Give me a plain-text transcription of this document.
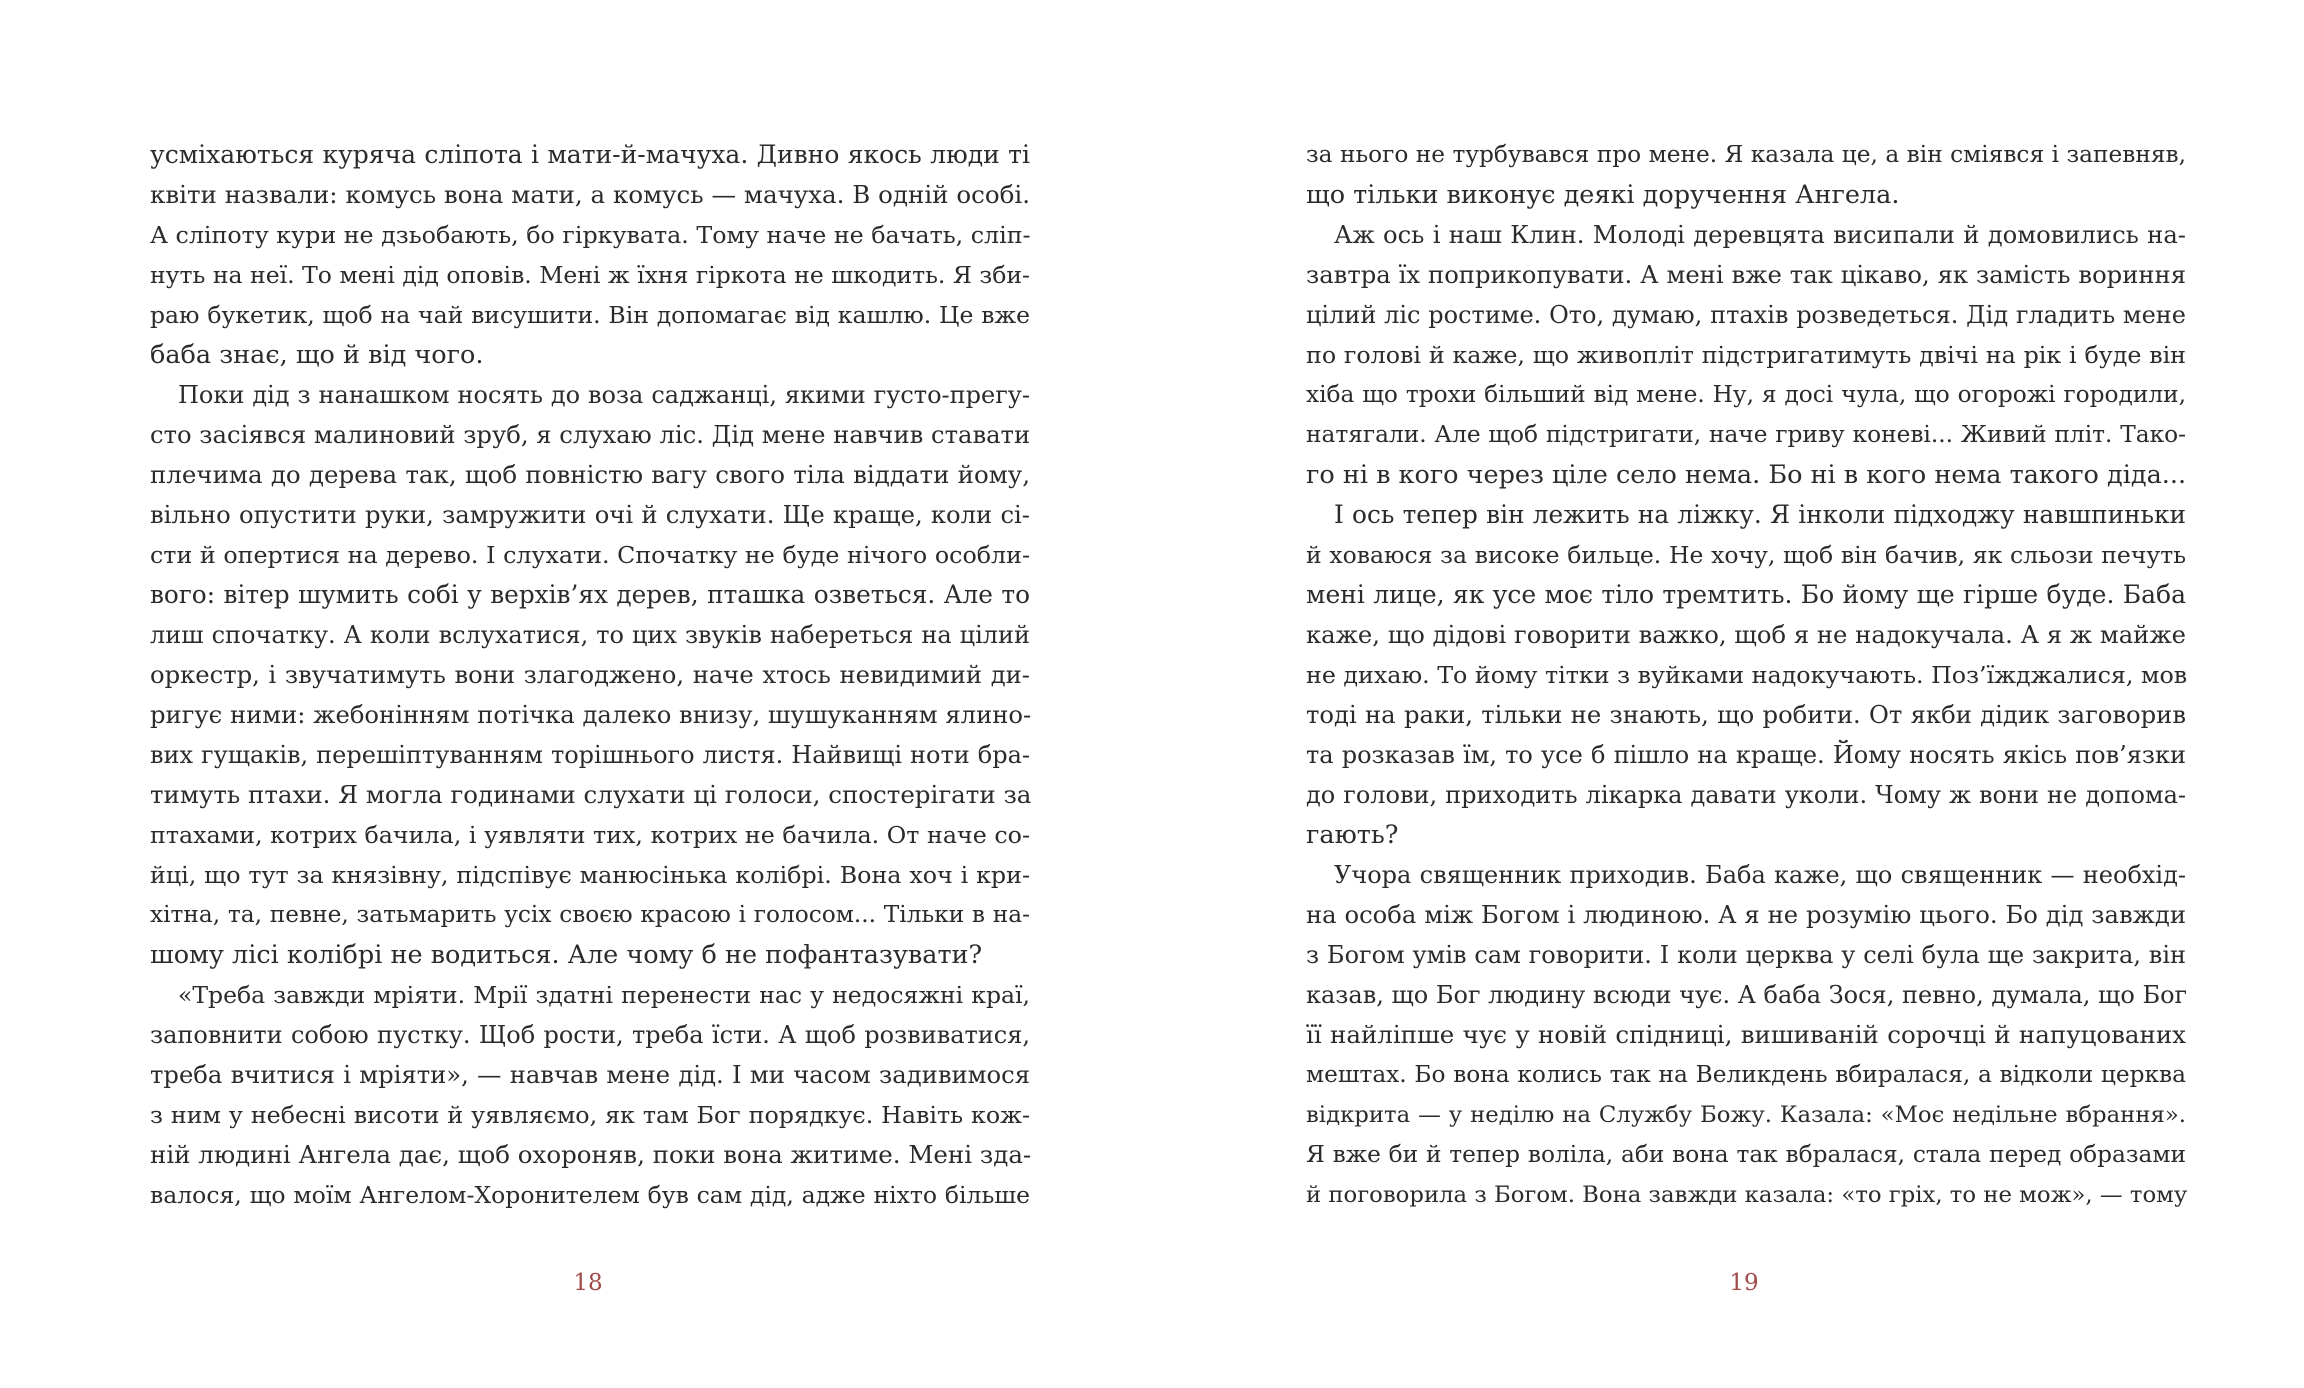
усміхаються куряча сліпота і мати-й-мачуха. Дивно якось люди ті
квіти назвали: комусь вона мати, а комусь — мачуха. В одній особі.
А сліпоту кури не дзьобають, бо гіркувата. Тому наче не бачать, сліп-
нуть на неї. То мені дід оповів. Мені ж їхня гіркота не шкодить. Я зби-
раю букетик, щоб на чай висушити. Він допомагає від кашлю. Це вже
баба знає, що й від чого.
Поки дід з нанашком носять до воза саджанці, якими густо-прегу-
сто засіявся малиновий зруб, я слухаю ліс. Дід мене навчив ставати
плечима до дерева так, щоб повністю вагу свого тіла віддати йому,
вільно опустити руки, замружити очі й слухати. Ще краще, коли сі-
сти й опертися на дерево. І слухати. Спочатку не буде нічого особли-
вого: вітер шумить собі у верхів’ях дерев, пташка озветься. Але то
лиш спочатку. А коли вслухатися, то цих звуків набереться на цілий
оркестр, і звучатимуть вони злагоджено, наче хтось невидимий ди-
ригує ними: жебонінням потічка далеко внизу, шушуканням ялино-
вих гущаків, перешіптуванням торішнього листя. Найвищі ноти бра-
тимуть птахи. Я могла годинами слухати ці голоси, спостерігати за
птахами, котрих бачила, і уявляти тих, котрих не бачила. От наче со-
йці, що тут за князівну, підспівує манюсінька колібрі. Вона хоч і кри-
хітна, та, певне, затьмарить усіх своєю красою і голосом... Тільки в на-
шому лісі колібрі не водиться. Але чому б не пофантазувати?
«Треба завжди мріяти. Мрії здатні перенести нас у недосяжні краї,
заповнити собою пустку. Щоб рости, треба їсти. А щоб розвиватися,
треба вчитися і мріяти», — навчав мене дід. І ми часом задивимося
з ним у небесні висоти й уявляємо, як там Бог порядкує. Навіть кож-
ній людині Ангела дає, щоб охороняв, поки вона житиме. Мені зда-
валося, що моїм Ангелом-Хоронителем був сам дід, адже ніхто більше
18
за нього не турбувався про мене. Я казала це, а він сміявся і запевняв,
що тільки виконує деякі доручення Ангела.
Аж ось і наш Клин. Молоді деревцята висипали й домовились на-
завтра їх поприкопувати. А мені вже так цікаво, як замість вориння
цілий ліс ростиме. Ото, думаю, птахів розведеться. Дід гладить мене
по голові й каже, що живопліт підстригатимуть двічі на рік і буде він
хіба що трохи більший від мене. Ну, я досі чула, що огорожі городили,
натягали. Але щоб підстригати, наче гриву коневі... Живий пліт. Тако-
го ні в кого через ціле село нема. Бо ні в кого нема такого діда...
І ось тепер він лежить на ліжку. Я інколи підходжу навшпиньки
й ховаюся за високе бильце. Не хочу, щоб він бачив, як сльози печуть
мені лице, як усе моє тіло тремтить. Бо йому ще гірше буде. Баба
каже, що дідові говорити важко, щоб я не надокучала. А я ж майже
не дихаю. То йому тітки з вуйками надокучають. Поз’їжджалися, мов
тоді на раки, тільки не знають, що робити. От якби дідик заговорив
та розказав їм, то усе б пішло на краще. Йому носять якісь пов’язки
до голови, приходить лікарка давати уколи. Чому ж вони не допома-
гають?
Учора священник приходив. Баба каже, що священник — необхід-
на особа між Богом і людиною. А я не розумію цього. Бо дід завжди
з Богом умів сам говорити. І коли церква у селі була ще закрита, він
казав, що Бог людину всюди чує. А баба Зося, певно, думала, що Бог
її найліпше чує у новій спідниці, вишиваній сорочці й напуцованих
мештах. Бо вона колись так на Великдень вбиралася, а відколи церква
відкрита — у неділю на Службу Божу. Казала: «Моє недільне вбрання».
Я вже би й тепер воліла, аби вона так вбралася, стала перед образами
й поговорила з Богом. Вона завжди казала: «то гріх, то не мож», — тому
19
